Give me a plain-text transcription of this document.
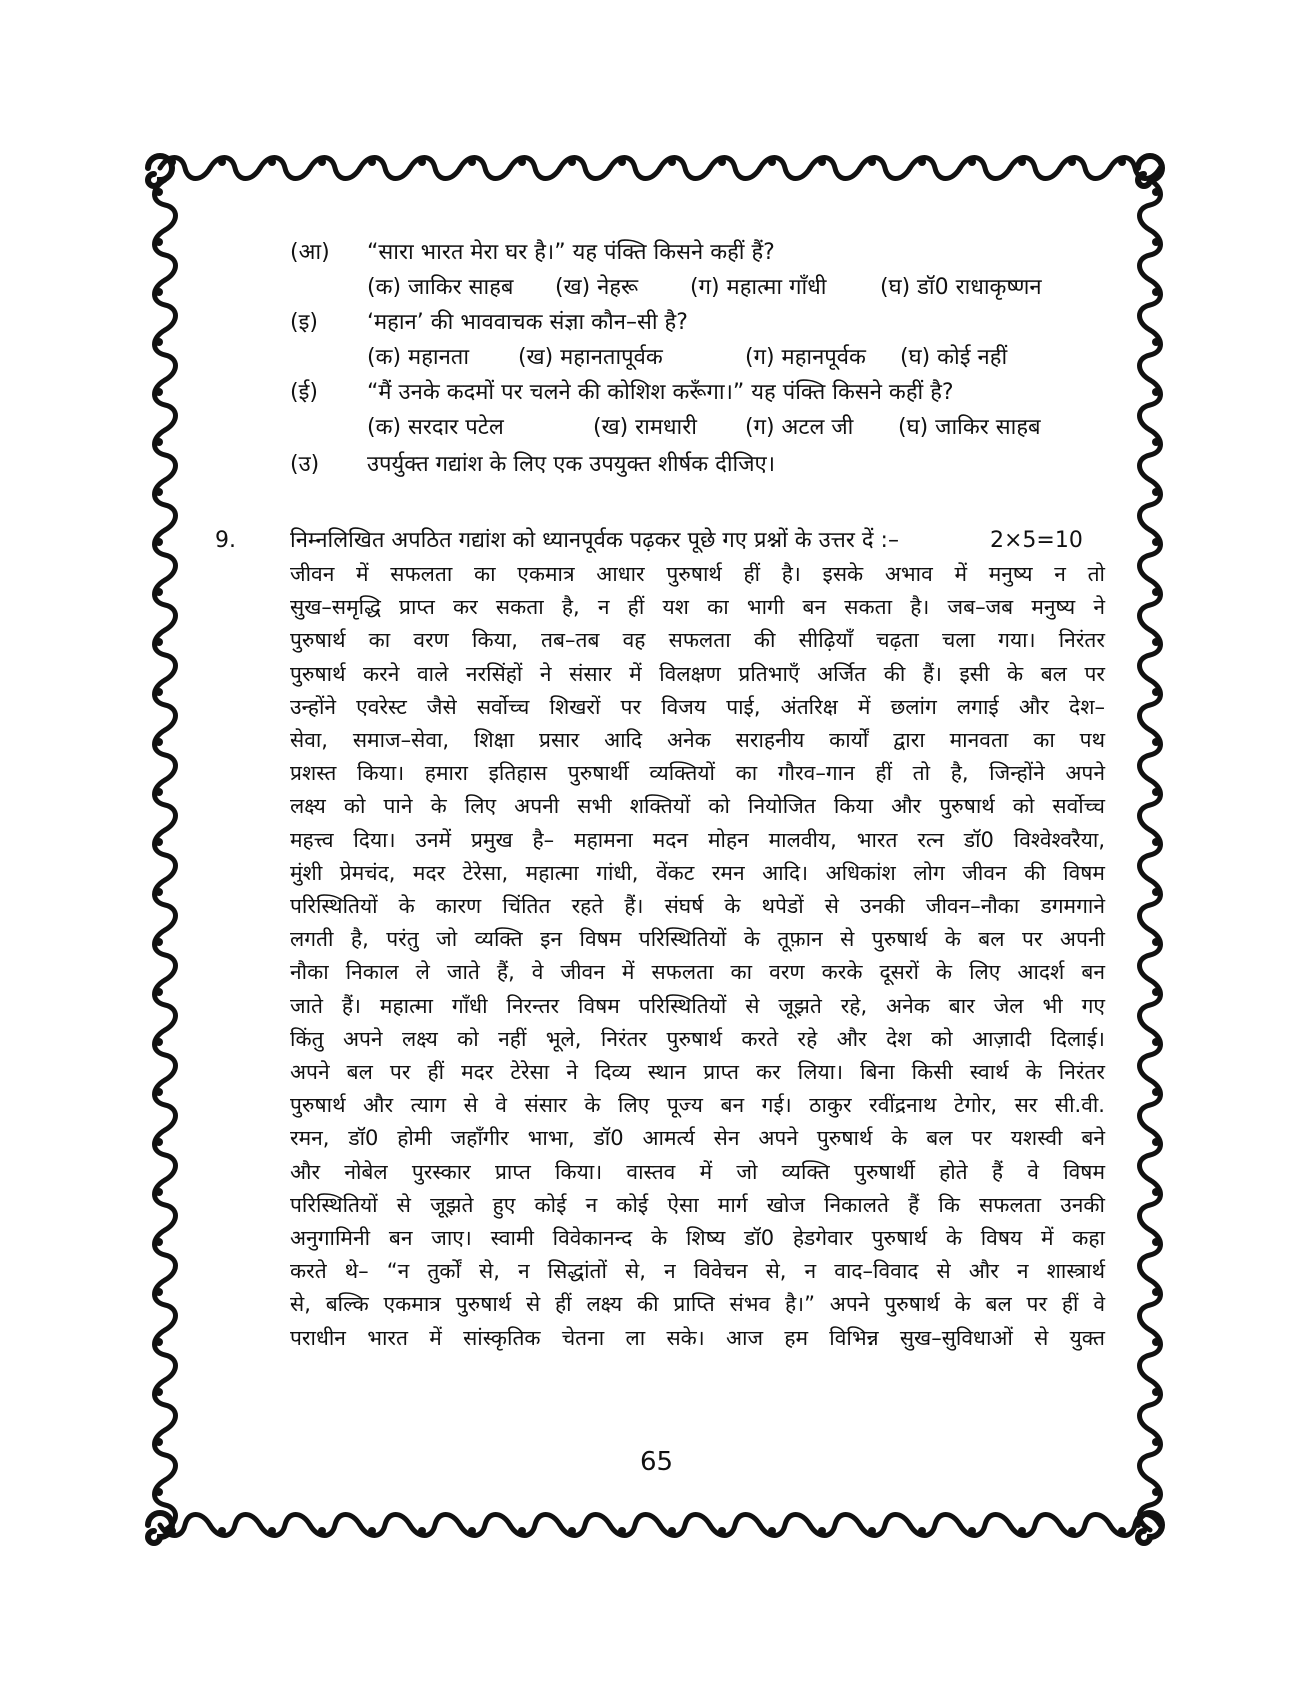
(आ) “सारा भारत मेरा घर है।” यह पंक्ति किसने कहीं हैं?
(क) जाकिर साहब (ख) नेहरू (ग) महात्मा गाँधी (घ) डॉ0 राधाकृष्णन
(इ) ‘महान’ की भाववाचक संज्ञा कौन–सी है?
(क) महानता (ख) महानतापूर्वक	(ग) महानपूर्वक (घ) कोई नहीं
(ई) “मैं उनके कदमों पर चलने की कोशिश करूँगा।” यह पंक्ति किसने कहीं है?
(क) सरदार पटेल	(ख) रामधारी (ग) अटल जी (घ) जाकिर साहब
(उ) उपर्युक्त गद्यांश के लिए एक उपयुक्त शीर्षक दीजिए।
9. निम्नलिखित अपठित गद्यांश को ध्यानपूर्वक पढ़कर पूछे गए प्रश्नों के उत्तर दें :–	2×5=10
जीवन में सफलता का एकमात्र आधार पुरुषार्थ हीं है। इसके अभाव में मनुष्य न तो
सुख–समृद्धि प्राप्त कर सकता है, न हीं यश का भागी बन सकता है। जब–जब मनुष्य ने
पुरुषार्थ का वरण किया, तब–तब वह सफलता की सीढ़ियाँ चढ़ता चला गया। निरंतर
पुरुषार्थ करने वाले नरसिंहों ने संसार में विलक्षण प्रतिभाएँ अर्जित की हैं। इसी के बल पर
उन्होंने एवरेस्ट जैसे सर्वोच्च शिखरों पर विजय पाई, अंतरिक्ष में छलांग लगाई और देश–
सेवा, समाज–सेवा, शिक्षा प्रसार आदि अनेक सराहनीय कार्यों द्वारा मानवता का पथ
प्रशस्त किया। हमारा इतिहास पुरुषार्थी व्यक्तियों का गौरव–गान हीं तो है, जिन्होंने अपने
लक्ष्य को पाने के लिए अपनी सभी शक्तियों को नियोजित किया और पुरुषार्थ को सर्वोच्च
महत्त्व दिया। उनमें प्रमुख है– महामना मदन मोहन मालवीय, भारत रत्न डॉ0 विश्वेश्वरैया,
मुंशी प्रेमचंद, मदर टेरेसा, महात्मा गांधी, वेंकट रमन आदि। अधिकांश लोग जीवन की विषम
परिस्थितियों के कारण चिंतित रहते हैं। संघर्ष के थपेडों से उनकी जीवन–नौका डगमगाने
लगती है, परंतु जो व्यक्ति इन विषम परिस्थितियों के तूफ़ान से पुरुषार्थ के बल पर अपनी
नौका निकाल ले जाते हैं, वे जीवन में सफलता का वरण करके दूसरों के लिए आदर्श बन
जाते हैं। महात्मा गाँधी निरन्तर विषम परिस्थितियों से जूझते रहे, अनेक बार जेल भी गए
किंतु अपने लक्ष्य को नहीं भूले, निरंतर पुरुषार्थ करते रहे और देश को आज़ादी दिलाई।
अपने बल पर हीं मदर टेरेसा ने दिव्य स्थान प्राप्त कर लिया। बिना किसी स्वार्थ के निरंतर
पुरुषार्थ और त्याग से वे संसार के लिए पूज्य बन गई। ठाकुर रवींद्रनाथ टेगोर, सर सी.वी.
रमन, डॉ0 होमी जहाँगीर भाभा, डॉ0 आमर्त्य सेन अपने पुरुषार्थ के बल पर यशस्वी बने
और नोबेल पुरस्कार प्राप्त किया। वास्तव में जो व्यक्ति पुरुषार्थी होते हैं वे विषम
परिस्थितियों से जूझते हुए कोई न कोई ऐसा मार्ग खोज निकालते हैं कि सफलता उनकी
अनुगामिनी बन जाए। स्वामी विवेकानन्द के शिष्य डॉ0 हेडगेवार पुरुषार्थ के विषय में कहा
करते थे– “न तुर्कों से, न सिद्धांतों से, न विवेचन से, न वाद–विवाद से और न शास्त्रार्थ
से, बल्कि एकमात्र पुरुषार्थ से हीं लक्ष्य की प्राप्ति संभव है।” अपने पुरुषार्थ के बल पर हीं वे
पराधीन भारत में सांस्कृतिक चेतना ला सके। आज हम विभिन्न सुख–सुविधाओं से युक्त
65
